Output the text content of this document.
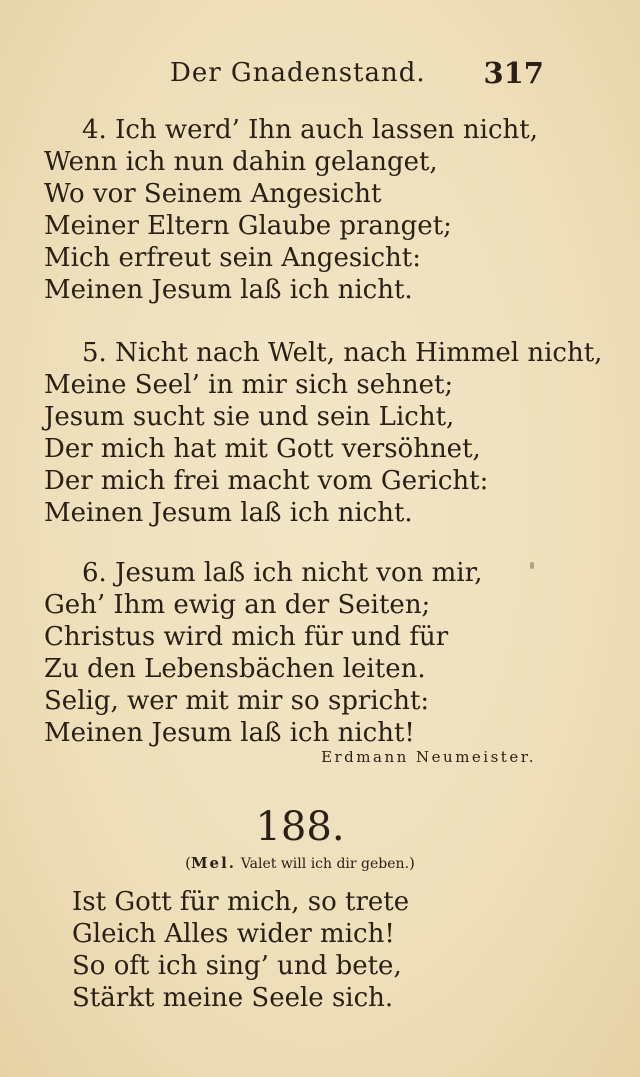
Der Gnadenstand. 317
4. Ich werd’ Ihn auch lassen nicht,
Wenn ich nun dahin gelanget,
Wo vor Seinem Angesicht
Meiner Eltern Glaube pranget;
Mich erfreut sein Angesicht:
Meinen Jesum laß ich nicht.
5. Nicht nach Welt, nach Himmel nicht,
Meine Seel’ in mir sich sehnet;
Jesum sucht sie und sein Licht,
Der mich hat mit Gott versöhnet,
Der mich frei macht vom Gericht:
Meinen Jesum laß ich nicht.
6. Jesum laß ich nicht von mir,
Geh’ Ihm ewig an der Seiten;
Christus wird mich für und für
Zu den Lebensbächen leiten.
Selig, wer mit mir so spricht:
Meinen Jesum laß ich nicht!
Erdmann Neumeister.
188.
(Mel. Valet will ich dir geben.)
Ist Gott für mich, so trete
Gleich Alles wider mich!
So oft ich sing’ und bete,
Stärkt meine Seele sich.
